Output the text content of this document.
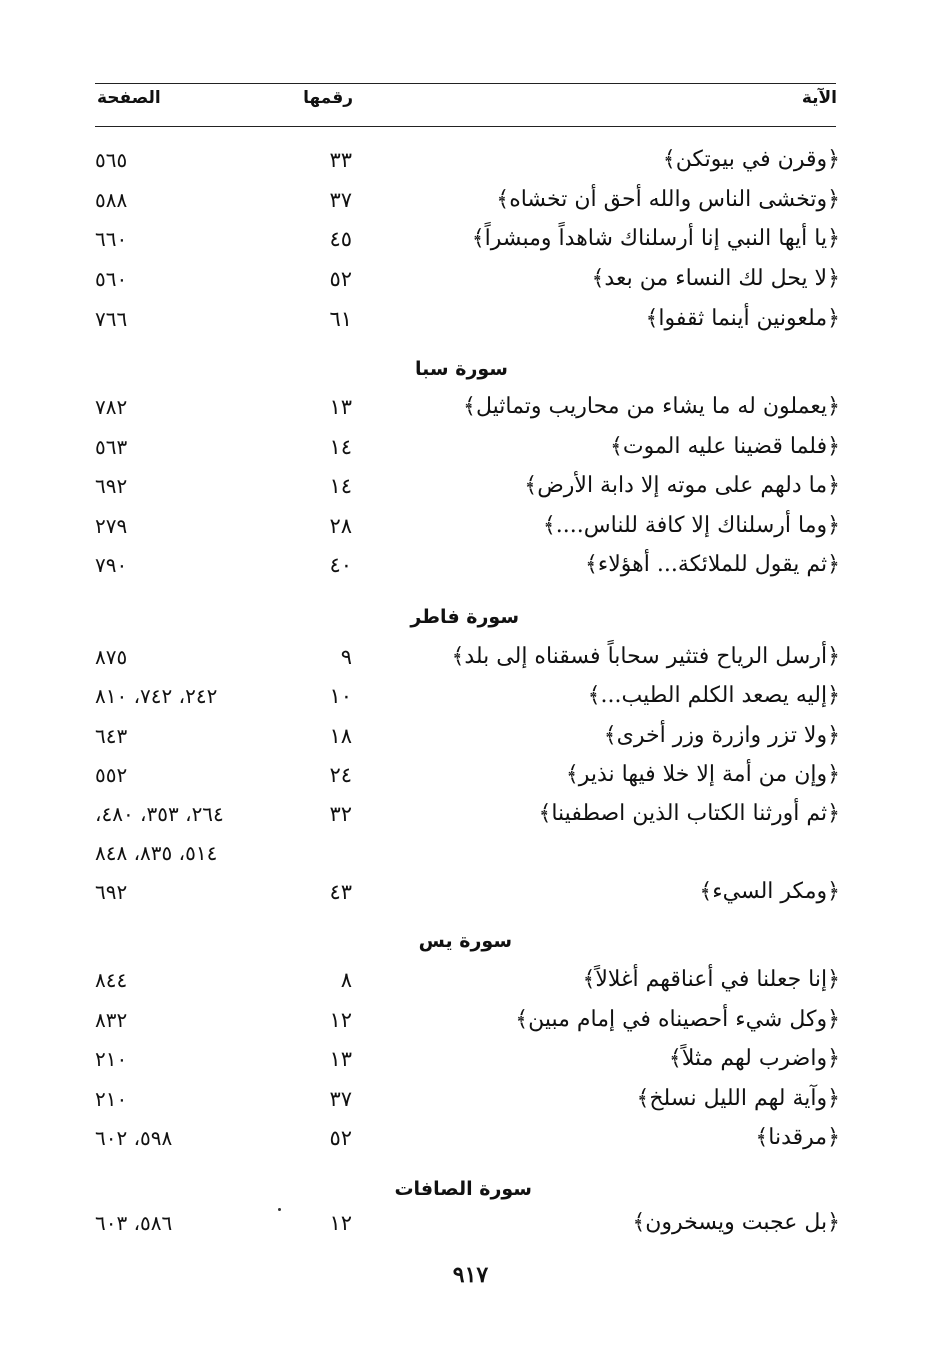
الآية
رقمها
الصفحة
﴿وقرن في بيوتكن﴾
٣٣
٥٦٥
﴿وتخشى الناس والله أحق أن تخشاه﴾
٣٧
٥٨٨
﴿يا أيها النبي إنا أرسلناك شاهداً ومبشراً﴾
٤٥
٦٦٠
﴿لا يحل لك النساء من بعد﴾
٥٢
٥٦٠
﴿ملعونين أينما ثقفوا﴾
٦١
٧٦٦
سورة سبا
﴿يعملون له ما يشاء من محاريب وتماثيل﴾
١٣
٧٨٢
﴿فلما قضينا عليه الموت﴾
١٤
٥٦٣
﴿ما دلهم على موته إلا دابة الأرض﴾
١٤
٦٩٢
﴿وما أرسلناك إلا كافة للناس....﴾
٢٨
٢٧٩
﴿ثم يقول للملائكة... أهؤلاء﴾
٤٠
٧٩٠
سورة فاطر
﴿أرسل الرياح فتثير سحاباً فسقناه إلى بلد﴾
٩
٨٧٥
﴿إليه يصعد الكلم الطيب...﴾
١٠
٢٤٢، ٧٤٢، ٨١٠
﴿ولا تزر وازرة وزر أخرى﴾
١٨
٦٤٣
﴿وإن من أمة إلا خلا فيها نذير﴾
٢٤
٥٥٢
﴿ثم أورثنا الكتاب الذين اصطفينا﴾
٣٢
٢٦٤، ٣٥٣، ٤٨٠،
٥١٤، ٨٣٥، ٨٤٨
﴿ومكر السيء﴾
٤٣
٦٩٢
سورة يس
﴿إنا جعلنا في أعناقهم أغلالاً﴾
٨
٨٤٤
﴿وكل شيء أحصيناه في إمام مبين﴾
١٢
٨٣٢
﴿واضرب لهم مثلاً﴾
١٣
٢١٠
﴿وآية لهم الليل نسلخ﴾
٣٧
٢١٠
﴿مرقدنا﴾
٥٢
٥٩٨، ٦٠٢
سورة الصافات
﴿بل عجبت ويسخرون﴾
١٢
٥٨٦، ٦٠٣
٩١٧
